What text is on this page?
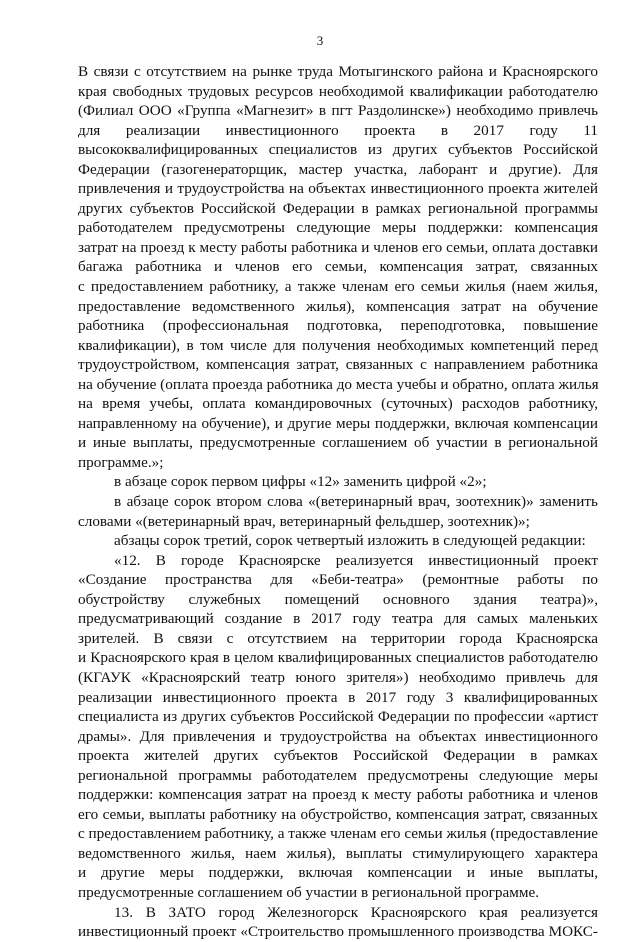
3
В связи с отсутствием на рынке труда Мотыгинского района и Красноярского
края свободных трудовых ресурсов необходимой квалификации работодателю
(Филиал ООО «Группа «Магнезит» в пгт Раздолинске») необходимо привлечь
для реализации инвестиционного проекта в 2017 году 11
высококвалифицированных специалистов из других субъектов Российской
Федерации (газогенераторщик, мастер участка, лаборант и другие). Для
привлечения и трудоустройства на объектах инвестиционного проекта жителей
других субъектов Российской Федерации в рамках региональной программы
работодателем предусмотрены следующие меры поддержки: компенсация
затрат на проезд к месту работы работника и членов его семьи, оплата доставки
багажа работника и членов его семьи, компенсация затрат, связанных
с предоставлением работнику, а также членам его семьи жилья (наем жилья,
предоставление ведомственного жилья), компенсация затрат на обучение
работника (профессиональная подготовка, переподготовка, повышение
квалификации), в том числе для получения необходимых компетенций перед
трудоустройством, компенсация затрат, связанных с направлением работника
на обучение (оплата проезда работника до места учебы и обратно, оплата жилья
на время учебы, оплата командировочных (суточных) расходов работнику,
направленному на обучение), и другие меры поддержки, включая компенсации
и иные выплаты, предусмотренные соглашением об участии в региональной
программе.»;
в абзаце сорок первом цифры «12» заменить цифрой «2»;
в абзаце сорок втором слова «(ветеринарный врач, зоотехник)» заменить
словами «(ветеринарный врач, ветеринарный фельдшер, зоотехник)»;
абзацы сорок третий, сорок четвертый изложить в следующей редакции:
«12. В городе Красноярске реализуется инвестиционный проект
«Создание пространства для «Беби-театра» (ремонтные работы по
обустройству служебных помещений основного здания театра)»,
предусматривающий создание в 2017 году театра для самых маленьких
зрителей. В связи с отсутствием на территории города Красноярска
и Красноярского края в целом квалифицированных специалистов работодателю
(КГАУК «Красноярский театр юного зрителя») необходимо привлечь для
реализации инвестиционного проекта в 2017 году 3 квалифицированных
специалиста из других субъектов Российской Федерации по профессии «артист
драмы». Для привлечения и трудоустройства на объектах инвестиционного
проекта жителей других субъектов Российской Федерации в рамках
региональной программы работодателем предусмотрены следующие меры
поддержки: компенсация затрат на проезд к месту работы работника и членов
его семьи, выплаты работнику на обустройство, компенсация затрат, связанных
с предоставлением работнику, а также членам его семьи жилья (предоставление
ведомственного жилья, наем жилья), выплаты стимулирующего характера
и другие меры поддержки, включая компенсации и иные выплаты,
предусмотренные соглашением об участии в региональной программе.
13. В ЗАТО город Железногорск Красноярского края реализуется
инвестиционный проект «Строительство промышленного производства МОКС-
